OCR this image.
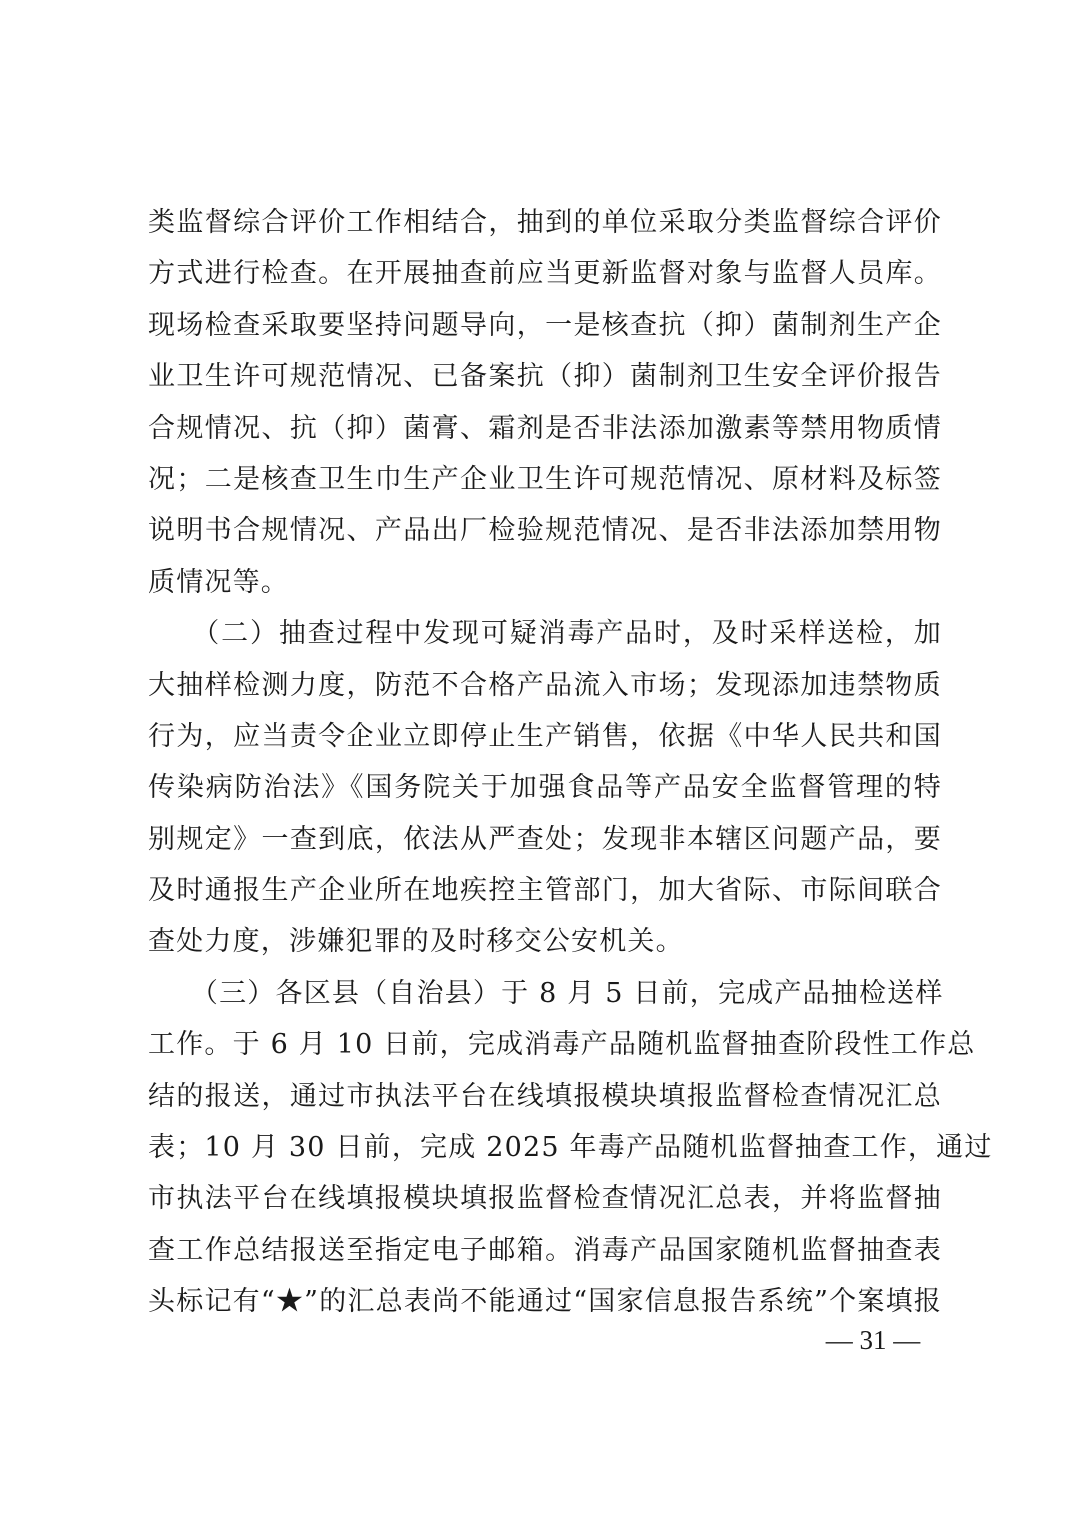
类监督综合评价工作相结合，抽到的单位采取分类监督综合评价
方式进行检查。在开展抽查前应当更新监督对象与监督人员库。
现场检查采取要坚持问题导向，一是核查抗（抑）菌制剂生产企
业卫生许可规范情况、已备案抗（抑）菌制剂卫生安全评价报告
合规情况、抗（抑）菌膏、霜剂是否非法添加激素等禁用物质情
况；二是核查卫生巾生产企业卫生许可规范情况、原材料及标签
说明书合规情况、产品出厂检验规范情况、是否非法添加禁用物
质情况等。
　　（二）抽查过程中发现可疑消毒产品时，及时采样送检，加
大抽样检测力度，防范不合格产品流入市场；发现添加违禁物质
行为，应当责令企业立即停止生产销售，依据《中华人民共和国
传染病防治法》《国务院关于加强食品等产品安全监督管理的特
别规定》一查到底，依法从严查处；发现非本辖区问题产品，要
及时通报生产企业所在地疾控主管部门，加大省际、市际间联合
查处力度，涉嫌犯罪的及时移交公安机关。
　　（三）各区县（自治县）于 8 月 5 日前，完成产品抽检送样
工作。于 6 月 10 日前，完成消毒产品随机监督抽查阶段性工作总
结的报送，通过市执法平台在线填报模块填报监督检查情况汇总
表；10 月 30 日前，完成 2025 年毒产品随机监督抽查工作，通过
市执法平台在线填报模块填报监督检查情况汇总表，并将监督抽
查工作总结报送至指定电子邮箱。消毒产品国家随机监督抽查表
头标记有“★”的汇总表尚不能通过“国家信息报告系统”个案填报
— 31 —
